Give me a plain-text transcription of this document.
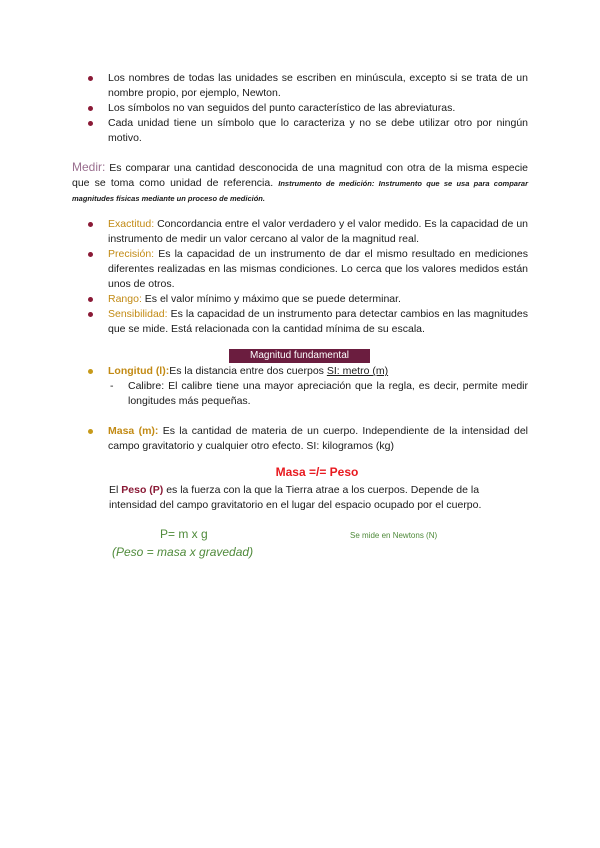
Los nombres de todas las unidades se escriben en minúscula, excepto si se trata de un nombre propio, por ejemplo, Newton.
Los símbolos no van seguidos del punto característico de las abreviaturas.
Cada unidad tiene un símbolo que lo caracteriza y no se debe utilizar otro por ningún motivo.

Medir: Es comparar una cantidad desconocida de una magnitud con otra de la misma especie que se toma como unidad de referencia. Instrumento de medición: Instrumento que se usa para comparar magnitudes físicas mediante un proceso de medición.

Exactitud: Concordancia entre el valor verdadero y el valor medido. Es la capacidad de un instrumento de medir un valor cercano al valor de la magnitud real.
Precisión: Es la capacidad de un instrumento de dar el mismo resultado en mediciones diferentes realizadas en las mismas condiciones. Lo cerca que los valores medidos están unos de otros.
Rango: Es el valor mínimo y máximo que se puede determinar.
Sensibilidad: Es la capacidad de un instrumento para detectar cambios en las magnitudes que se mide. Está relacionada con la cantidad mínima de su escala.
Magnitud fundamental
Longitud (l):Es la distancia entre dos cuerpos SI: metro (m)
- Calibre: El calibre tiene una mayor apreciación que la regla, es decir, permite medir longitudes más pequeñas.
Masa (m): Es la cantidad de materia de un cuerpo. Independiente de la intensidad del campo gravitatorio y cualquier otro efecto. SI: kilogramos (kg)
Masa =/= Peso

El Peso (P) es la fuerza con la que la Tierra atrae a los cuerpos. Depende de la intensidad del campo gravitatorio en el lugar del espacio ocupado por el cuerpo.

P= m x g	Se mide en Newtons (N)
(Peso = masa x gravedad)
